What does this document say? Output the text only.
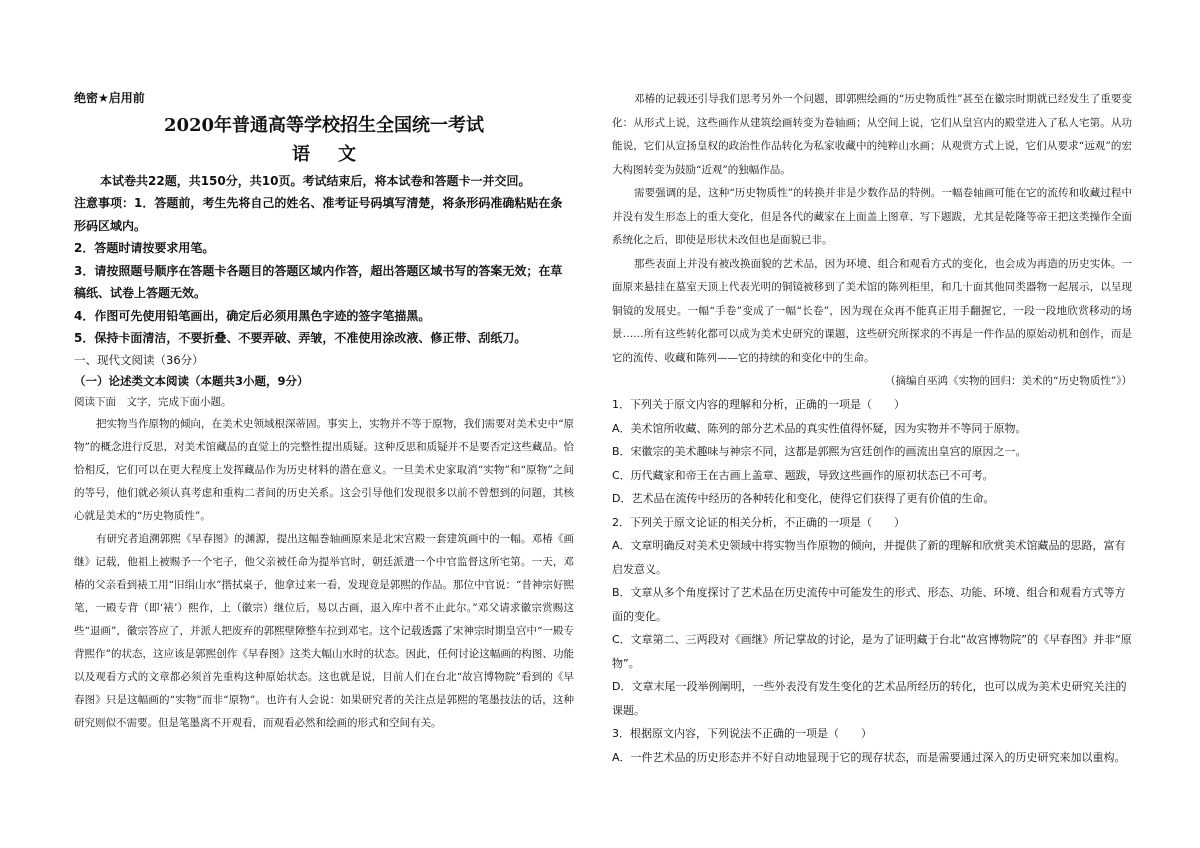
绝密★启用前

2020年普通高等学校招生全国统一考试

语文

本试卷共22题，共150分，共10页。考试结束后，将本试卷和答题卡一并交回。

注意事项：1．答题前，考生先将自己的姓名、准考证号码填写清楚，将条形码准确粘贴在条形码区域内。

2．答题时请按要求用笔。

3．请按照题号顺序在答题卡各题目的答题区域内作答，超出答题区域书写的答案无效；在草稿纸、试卷上答题无效。

4．作图可先使用铅笔画出，确定后必须用黑色字迹的签字笔描黑。

5．保持卡面清洁，不要折叠、不要弄破、弄皱，不准使用涂改液、修正带、刮纸刀。

一、现代文阅读（36分）

（一）论述类文本阅读（本题共3小题，9分）

阅读下面　文字，完成下面小题。

把实物当作原物的倾向，在美术史领域根深蒂固。事实上，实物并不等于原物，我们需要对美术史中“原物”的概念进行反思，对美术馆藏品的直觉上的完整性提出质疑。这种反思和质疑并不是要否定这些藏品。恰恰相反，它们可以在更大程度上发挥藏品作为历史材料的潜在意义。一旦美术史家取消“实物”和“原物”之间的等号，他们就必须认真考虑和重构二者间的历史关系。这会引导他们发现很多以前不曾想到的问题，其核心就是美术的“历史物质性”。

有研究者追溯郭熙《早春图》的渊源，提出这幅巻轴画原来是北宋宫殿一套建筑画中的一幅。邓椿《画继》记载，他祖上被赐予一个宅子，他父亲被任命为提举官时，朝廷派遣一个中官监督这所宅第。一天，邓椿的父亲看到裱工用“旧绢山水”揩拭桌子，他拿过来一看，发现竟是郭熙的作品。那位中官说：“昔神宗好熙笔，一殿专背（即‘裱’）熙作，上（徽宗）继位后，易以古画，退入库中者不止此尔。”邓父请求徽宗赏赐这些“退画”，徽宗答应了，并派人把废弃的郭熙壁障整车拉到邓宅。这个记载透露了宋神宗时期皇宫中“一殿专背熙作”的状态，这应该是郭熙创作《早春图》这类大幅山水时的状态。因此，任何讨论这幅画的构图、功能以及观看方式的文章都必须首先重构这种原始状态。这也就是说，目前人们在台北“故宫博物院”看到的《早春图》只是这幅画的“实物”而非“原物”。也许有人会说：如果研究者的关注点是郭熙的笔墨技法的话，这种研究则似不需要。但是笔墨离不开观看，而观看必然和绘画的形式和空间有关。

邓椿的记载还引导我们思考另外一个问题，即郭熙绘画的“历史物质性”甚至在徽宗时期就已经发生了重要变化：从形式上说，这些画作从建筑绘画转变为卷轴画；从空间上说，它们从皇宫内的殿堂进入了私人宅第。从功能说，它们从宣扬皇权的政治性作品转化为私家收藏中的纯粹山水画；从观赏方式上说，它们从要求“远观”的宏大构图转变为鼓励“近观”的独幅作品。

需要强调的是，这种“历史物质性”的转换并非是少数作品的特例。一幅卷轴画可能在它的流传和收藏过程中并没有发生形态上的重大变化，但是各代的藏家在上面盖上图章、写下题跋，尤其是乾隆等帝王把这类操作全面系统化之后，即使是形状未改但也是面貌已非。

那些表面上并没有被改换面貌的艺术品，因为环境、组合和观看方式的变化，也会成为再造的历史实体。一面原来悬挂在墓室天顶上代表光明的铜镜被移到了美术馆的陈列柜里，和几十面其他同类器物一起展示，以呈现铜镜的发展史。一幅“手卷”变成了一幅“长卷”，因为现在众再不能真正用手翻握它，一段一段地欣赏移动的场景……所有这些转化都可以成为美术史研究的课题，这些研究所探求的不再是一件作品的原始动机和创作，而是它的流传、收藏和陈列——它的持续的和变化中的生命。

（摘编自巫鸿《实物的回归：美术的“历史物质性”》）

1．下列关于原文内容的理解和分析，正确的一项是（　　）

A．美术馆所收藏、陈列的部分艺术品的真实性值得怀疑，因为实物并不等同于原物。

B．宋徽宗的美术趣味与神宗不同，这都是郭熙为宫廷创作的画流出皇宫的原因之一。

C．历代藏家和帝王在古画上盖章、题跋，导致这些画作的原初状态已不可考。

D．艺术品在流传中经历的各种转化和变化，使得它们获得了更有价值的生命。

2．下列关于原文论证的相关分析，不正确的一项是（　　）

A．文章明确反对美术史领域中将实物当作原物的倾向，并提供了新的理解和欣赏美术馆藏品的思路，富有启发意义。

B．文章从多个角度探讨了艺术品在历史流传中可能发生的形式、形态、功能、环境、组合和观看方式等方面的变化。

C．文章第二、三两段对《画继》所记掌故的讨论，是为了证明藏于台北“故宫博物院”的《早春图》并非“原物”。

D．文章末尾一段举例阐明，一些外表没有发生变化的艺术品所经历的转化，也可以成为美术史研究关注的课题。

3．根据原文内容，下列说法不正确的一项是（　　）

A．一件艺术品的历史形态并不好自动地显现于它的现存状态，而是需要通过深入的历史研究来加以重构。
